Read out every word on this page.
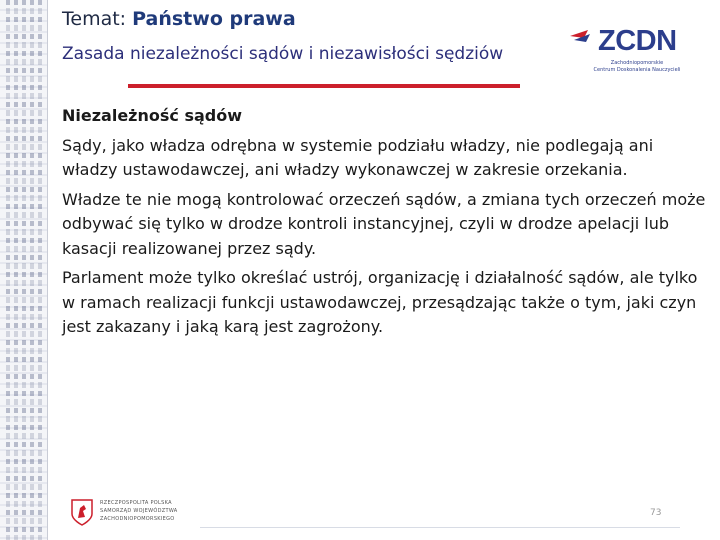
Temat: Państwo prawa
Zasada niezależności sądów i niezawisłości sędziów	ZCDN
Zachodniopomorskie
Centrum Doskonalenia Nauczycieli

Niezależność sądów

Sądy, jako władza odrębna w systemie podziału władzy, nie podlegają ani władzy ustawodawczej, ani władzy wykonawczej w zakresie orzekania.

Władze te nie mogą kontrolować orzeczeń sądów, a zmiana tych orzeczeń może odbywać się tylko w drodze kontroli instancyjnej, czyli w drodze apelacji lub kasacji realizowanej przez sądy.

Parlament może tylko określać ustrój, organizację i działalność sądów, ale tylko w ramach realizacji funkcji ustawodawczej, przesądzając także o tym, jaki czyn jest zakazany i jaką karą jest zagrożony.

RZECZPOSPOLITA POLSKA
SAMORZĄD WOJEWÓDZTWA
ZACHODNIOPOMORSKIEGO
73
